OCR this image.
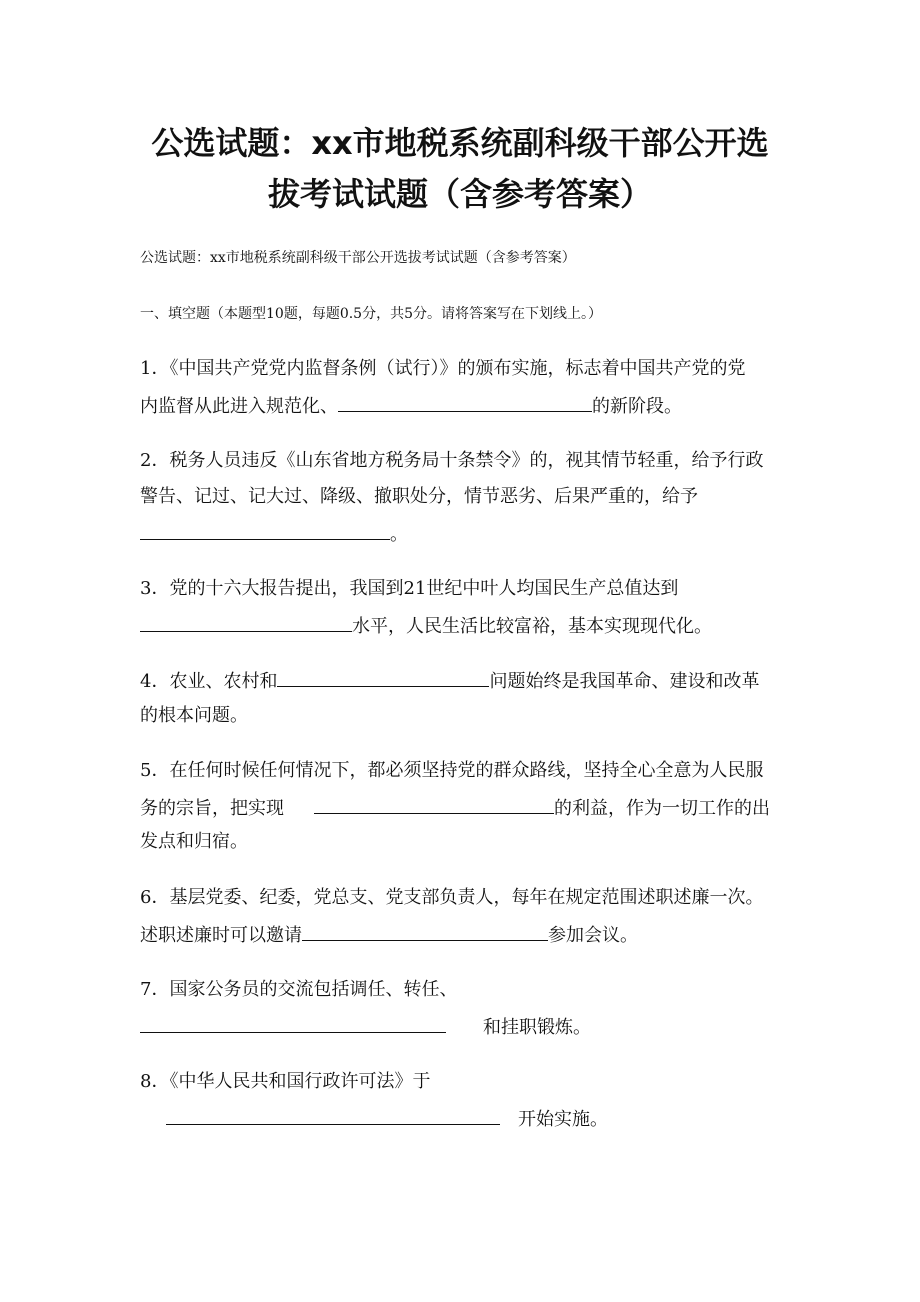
公选试题：xx市地税系统副科级干部公开选
拔考试试题（含参考答案）
公选试题：xx市地税系统副科级干部公开选拔考试试题（含参考答案）
一、填空题（本题型10题，每题0.5分，共5分。请将答案写在下划线上。）
1．《中国共产党党内监督条例（试行）》的颁布实施，标志着中国共产党的党
内监督从此进入规范化、	的新阶段。
2．税务人员违反《山东省地方税务局十条禁令》的，视其情节轻重，给予行政
警告、记过、记大过、降级、撤职处分，情节恶劣、后果严重的，给予
。
3．党的十六大报告提出，我国到21世纪中叶人均国民生产总值达到
水平，人民生活比较富裕，基本实现现代化。
4．农业、农村和	问题始终是我国革命、建设和改革
的根本问题。
5．在任何时候任何情况下，都必须坚持党的群众路线，坚持全心全意为人民服
务的宗旨，把实现	的利益，作为一切工作的出
发点和归宿。
6．基层党委、纪委，党总支、党支部负责人，每年在规定范围述职述廉一次。
述职述廉时可以邀请	参加会议。
7．国家公务员的交流包括调任、转任、
和挂职锻炼。
8．《中华人民共和国行政许可法》于
开始实施。
